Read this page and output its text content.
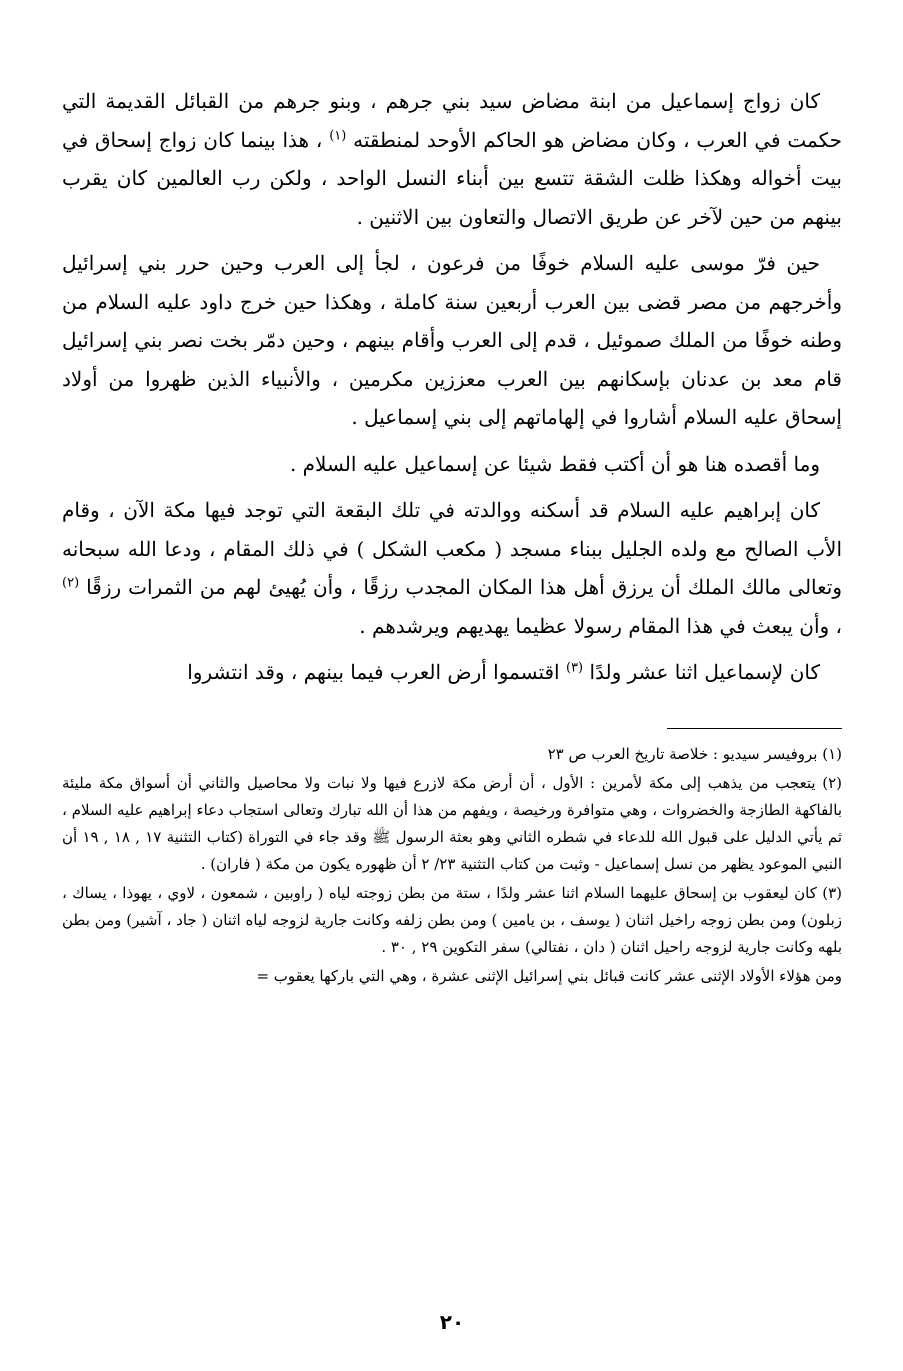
كان زواج إسماعيل من ابنة مضاض سيد بني جرهم ، وبنو جرهم من القبائل القديمة التي حكمت في العرب ، وكان مضاض هو الحاكم الأوحد لمنطقته $^{(١)}$ ، هذا بينما كان زواج إسحاق في بيت أخواله وهكذا ظلت الشقة تتسع بين أبناء النسل الواحد ، ولكن رب العالمين كان يقرب بينهم من حين لآخر عن طريق الاتصال والتعاون بين الاثنين .

حين فرّ موسى عليه السلام خوفًا من فرعون ، لجأ إلى العرب وحين حرر بني إسرائيل وأخرجهم من مصر قضى بين العرب أربعين سنة كاملة ، وهكذا حين خرج داود عليه السلام من وطنه خوفًا من الملك صموئيل ، قدم إلى العرب وأقام بينهم ، وحين دمّر بخت نصر بني إسرائيل قام معد بن عدنان بإسكانهم بين العرب معززين مكرمين ، والأنبياء الذين ظهروا من أولاد إسحاق عليه السلام أشاروا في إلهاماتهم إلى بني إسماعيل .

وما أقصده هنا هو أن أكتب فقط شيئا عن إسماعيل عليه السلام .

كان إبراهيم عليه السلام قد أسكنه ووالدته في تلك البقعة التي توجد فيها مكة الآن ، وقام الأب الصالح مع ولده الجليل ببناء مسجد ( مكعب الشكل ) في ذلك المقام ، ودعا الله سبحانه وتعالى مالك الملك أن يرزق أهل هذا المكان المجدب رزقًا ، وأن يُهيئ لهم من الثمرات رزقًا $^{(٢)}$ ، وأن يبعث في هذا المقام رسولا عظيما يهديهم ويرشدهم .

كان لإسماعيل اثنا عشر ولدًا $^{(٣)}$ اقتسموا أرض العرب فيما بينهم ، وقد انتشروا

(١) بروفيسر سيديو : خلاصة تاريخ العرب ص ٢٣

(٢) يتعجب من يذهب إلى مكة لأمرين : الأول ، أن أرض مكة لازرع فيها ولا نبات ولا محاصيل والثاني أن أسواق مكة مليئة بالفاكهة الطازجة والخضروات ، وهي متوافرة ورخيصة ، ويفهم من هذا أن الله تبارك وتعالى استجاب دعاء إبراهيم عليه السلام ، ثم يأتي الدليل على قبول الله للدعاء في شطره الثاني وهو بعثة الرسول ﷺ وقد جاء في التوراة (كتاب التثنية ١٧ , ١٨ , ١٩ أن النبي الموعود يظهر من نسل إسماعيل - وثبت من كتاب التثنية ٢٣/ ٢ أن ظهوره يكون من مكة ( فاران) .

(٣) كان ليعقوب بن إسحاق عليهما السلام اثنا عشر ولدًا ، ستة من بطن زوجته لياه ( راوبين ، شمعون ، لاوي ، يهوذا ، يساك ، زبلون) ومن بطن زوجه راخيل اثنان ( يوسف ، بن يامين ) ومن بطن زلفه وكانت جارية لزوجه لياه اثنان ( جاد ، آشير) ومن بطن بلهه وكانت جارية لزوجه راحيل اثنان ( دان ، نفتالي) سفر التكوين ٢٩ , ٣٠ .

ومن هؤلاء الأولاد الإثنى عشر كانت قبائل بني إسرائيل الإثنى عشرة ، وهي التي باركها يعقوب =

٢٠
